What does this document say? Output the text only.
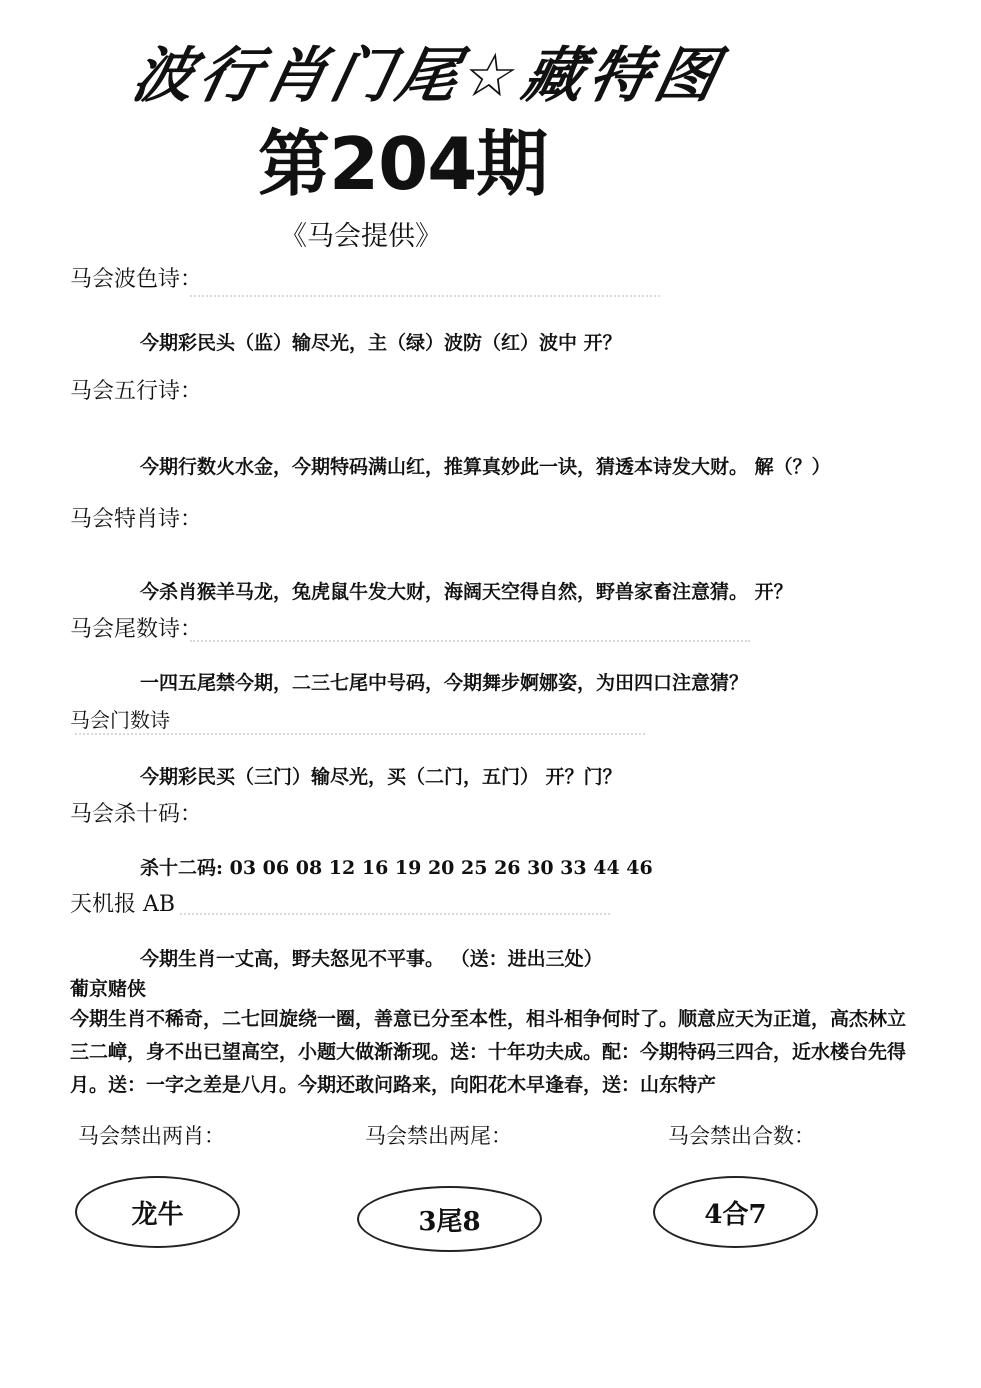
波行肖门尾☆藏特图
第204期
《马会提供》
马会波色诗：
今期彩民头（监）输尽光，主（绿）波防（红）波中 开？
马会五行诗：
今期行数火水金，今期特码满山红，推算真妙此一诀，猜透本诗发大财。 解（？）
马会特肖诗：
今杀肖猴羊马龙，兔虎鼠牛发大财，海阔天空得自然，野兽家畜注意猜。 开？
马会尾数诗：
一四五尾禁今期，二三七尾中号码，今期舞步婀娜姿，为田四口注意猜？
马会门数诗
今期彩民买（三门）输尽光，买（二门，五门） 开？门？
马会杀十码：
杀十二码: 03 06 08 12 16 19 20 25 26 30 33 44 46
天机报 AB
今期生肖一丈高，野夫怒见不平事。 （送：进出三处）
葡京赌侠
今期生肖不稀奇，二七回旋绕一圈，善意已分至本性，相斗相争何时了。顺意应天为正道，高杰林立三二嶂，身不出已望高空，小题大做渐渐现。送：十年功夫成。配：今期特码三四合，近水楼台先得月。送：一字之差是八月。今期还敢问路来，向阳花木早逢春，送：山东特产
马会禁出两肖：	马会禁出两尾：	马会禁出合数：
龙牛	3尾8	4合7
